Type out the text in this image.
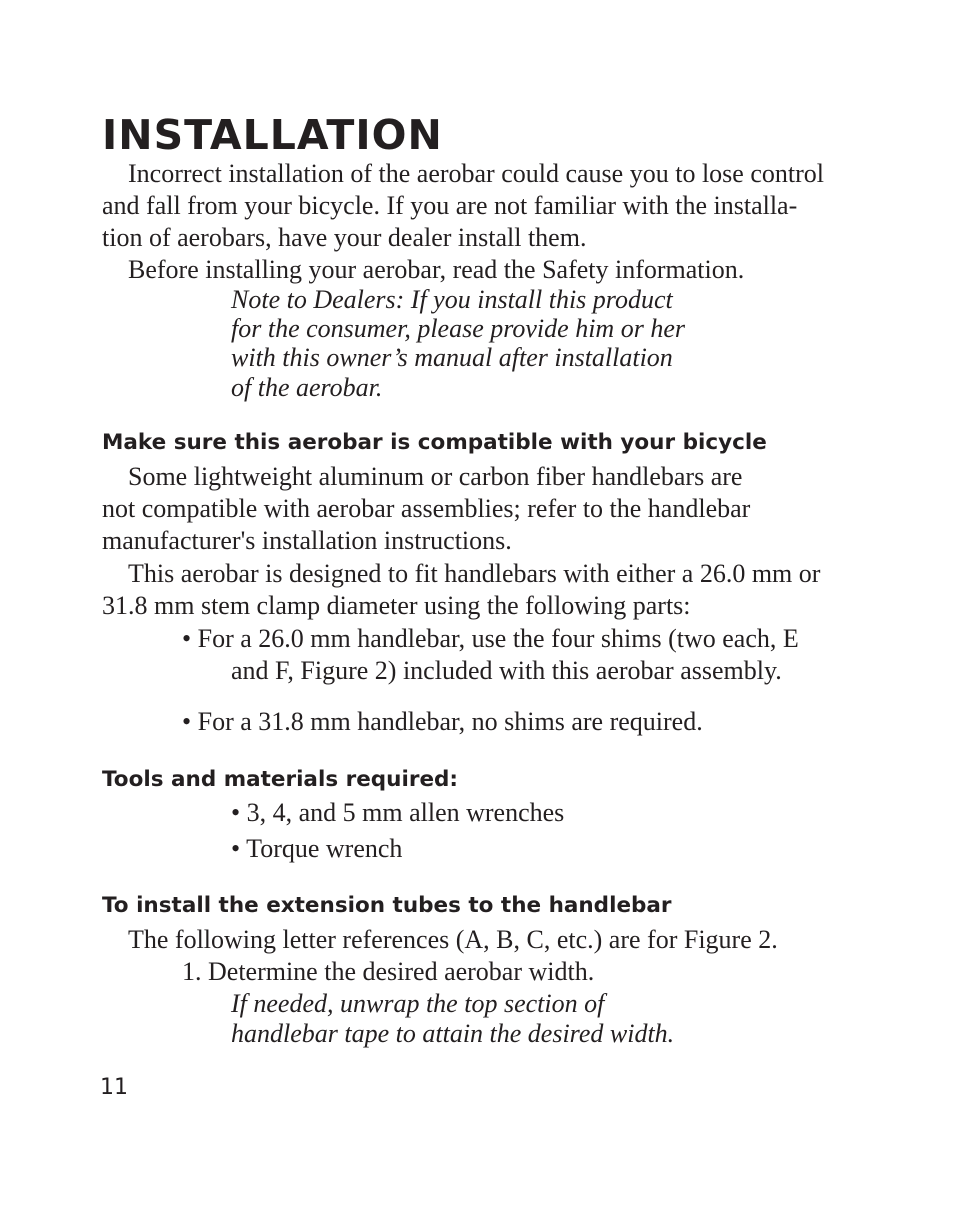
INSTALLATION
Incorrect installation of the aerobar could cause you to lose control
and fall from your bicycle. If you are not familiar with the installa-
tion of aerobars, have your dealer install them.
Before installing your aerobar, read the Safety information.
Note to Dealers: If you install this product
for the consumer, please provide him or her
with this owner’s manual after installation
of the aerobar.
Make sure this aerobar is compatible with your bicycle
Some lightweight aluminum or carbon fiber handlebars are
not compatible with aerobar assemblies; refer to the handlebar
manufacturer's installation instructions.
This aerobar is designed to fit handlebars with either a 26.0 mm or
31.8 mm stem clamp diameter using the following parts:
• For a 26.0 mm handlebar, use the four shims (two each, E
and F, Figure 2) included with this aerobar assembly.
• For a 31.8 mm handlebar, no shims are required.
Tools and materials required:
• 3, 4, and 5 mm allen wrenches
• Torque wrench
To install the extension tubes to the handlebar
The following letter references (A, B, C, etc.) are for Figure 2.
1. Determine the desired aerobar width.
If needed, unwrap the top section of
handlebar tape to attain the desired width.
11
